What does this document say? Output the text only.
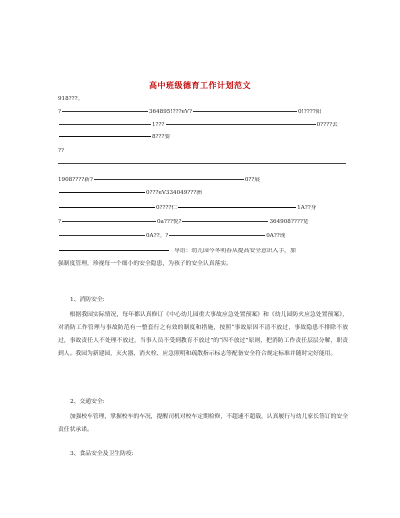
高中班级德育工作计划范文
918???。
?	364895!???eV?	0!????阳
1???	0????去
8???要
??
1908????新?	0??展
0???eV334049???洲
0????仁	1A??身
?	0a???悦?	364908????宽
0A??。?	0A??现
导语：幼儿园今冬明春从提高安全意识入手，加
强制度管理，珍视每一个细小的安全隐患，为孩子的安全认真落实。
1、消防安全:
根据我园实际情况，每年都认真修订《中心幼儿园重大事故应急处置预案》和《幼儿园防火应急处置预案》，对消防工作管理与事故防范有一整套行之有效的制度和措施，按照“事故原因不清不放过，事故隐患不排除不放过，事故责任人不处理不放过，当事人员不受到教育不放过”的“四不放过”原则，把消防工作责任层层分解，职责到人。我园为新建园，灭火器、消火栓、应急照明和疏散指示标志等配备安全符合规定标准并随时完好能用。
2、交通安全:
加强校车管理，掌握校车的车况，提醒司机对校车定期检修，不超速不超载，认真履行与幼儿家长签订的安全责任状承诺。
3、食品安全及卫生防疫:
